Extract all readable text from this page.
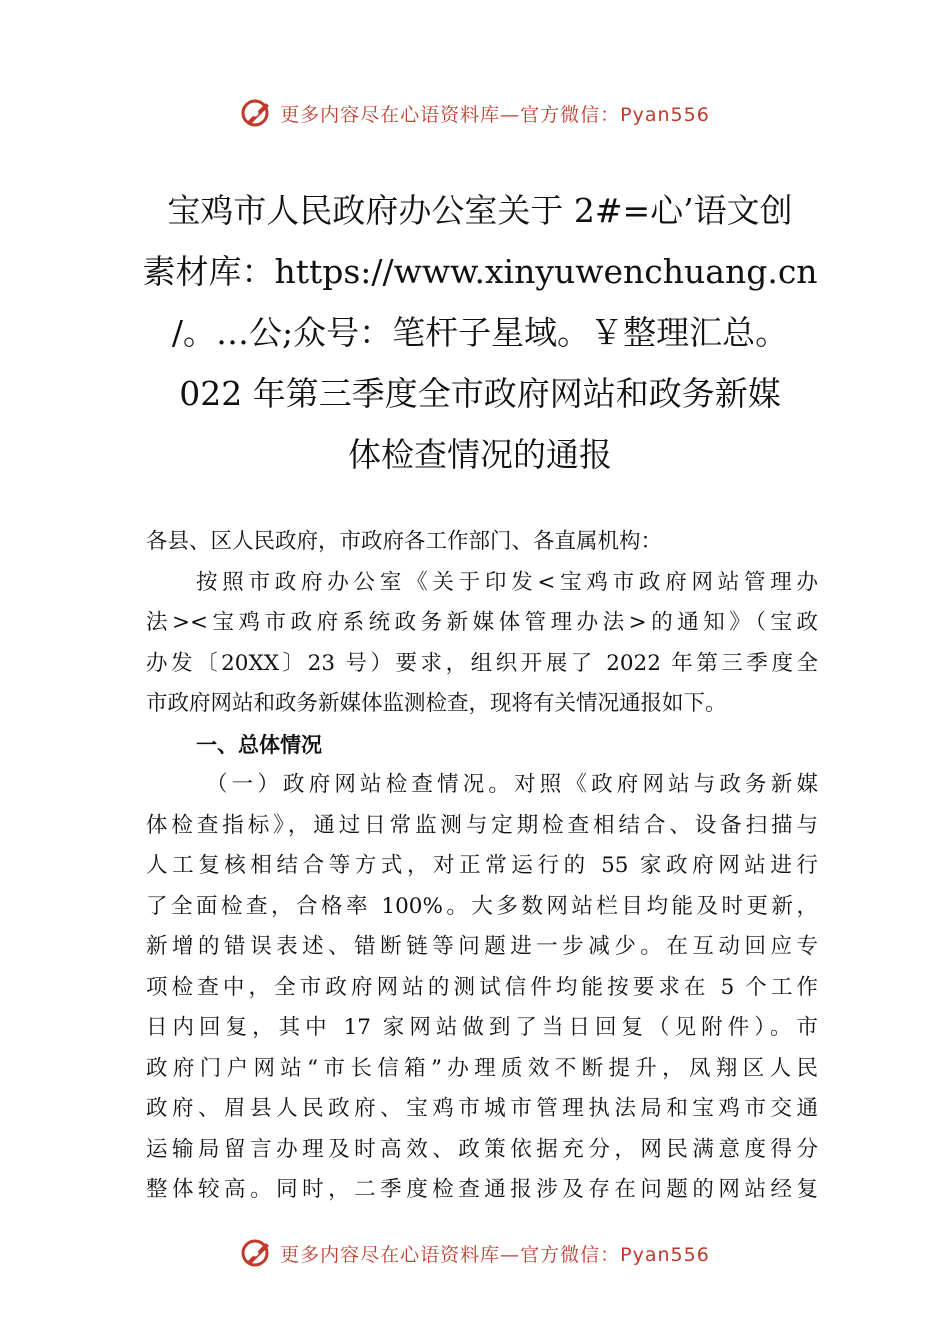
更多内容尽在心语资料库—官方微信：Pyan556
宝鸡市人民政府办公室关于 2#=心’语文创
素材库：https://www.xinyuwenchuang.cn
/。…公;众号：笔杆子星域。￥整理汇总。
022 年第三季度全市政府网站和政务新媒
体检查情况的通报
各县、区人民政府，市政府各工作部门、各直属机构：
按照市政府办公室《关于印发<宝鸡市政府网站管理办
法><宝鸡市政府系统政务新媒体管理办法>的通知》（宝政
办发〔20XX〕23 号）要求，组织开展了 2022 年第三季度全
市政府网站和政务新媒体监测检查，现将有关情况通报如下。
一、总体情况
（一）政府网站检查情况。对照《政府网站与政务新媒
体检查指标》，通过日常监测与定期检查相结合、设备扫描与
人工复核相结合等方式，对正常运行的 55 家政府网站进行
了全面检查，合格率 100%。大多数网站栏目均能及时更新，
新增的错误表述、错断链等问题进一步减少。在互动回应专
项检查中，全市政府网站的测试信件均能按要求在 5 个工作
日内回复，其中 17 家网站做到了当日回复（见附件）。市
政府门户网站“市长信箱”办理质效不断提升，凤翔区人民
政府、眉县人民政府、宝鸡市城市管理执法局和宝鸡市交通
运输局留言办理及时高效、政策依据充分，网民满意度得分
整体较高。同时，二季度检查通报涉及存在问题的网站经复
更多内容尽在心语资料库—官方微信：Pyan556
